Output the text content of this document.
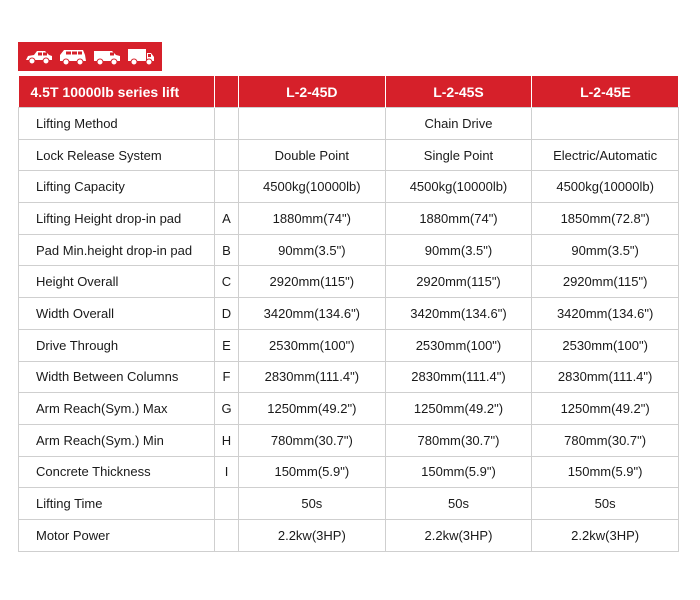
4.5T 10000lb series lift		L-2-45D	L-2-45S	L-2-45E
Lifting Method			Chain Drive	
Lock Release System		Double Point	Single Point	Electric/Automatic
Lifting Capacity		4500kg(10000lb)	4500kg(10000lb)	4500kg(10000lb)
Lifting Height drop-in pad	A	1880mm(74")	1880mm(74")	1850mm(72.8")
Pad Min.height drop-in pad	B	90mm(3.5")	90mm(3.5")	90mm(3.5")
Height Overall	C	2920mm(115")	2920mm(115")	2920mm(115")
Width Overall	D	3420mm(134.6")	3420mm(134.6")	3420mm(134.6")
Drive Through	E	2530mm(100")	2530mm(100")	2530mm(100")
Width Between Columns	F	2830mm(111.4")	2830mm(111.4")	2830mm(111.4")
Arm Reach(Sym.) Max	G	1250mm(49.2")	1250mm(49.2")	1250mm(49.2")
Arm Reach(Sym.) Min	H	780mm(30.7")	780mm(30.7")	780mm(30.7")
Concrete Thickness	I	150mm(5.9")	150mm(5.9")	150mm(5.9")
Lifting Time		50s	50s	50s
Motor Power		2.2kw(3HP)	2.2kw(3HP)	2.2kw(3HP)
